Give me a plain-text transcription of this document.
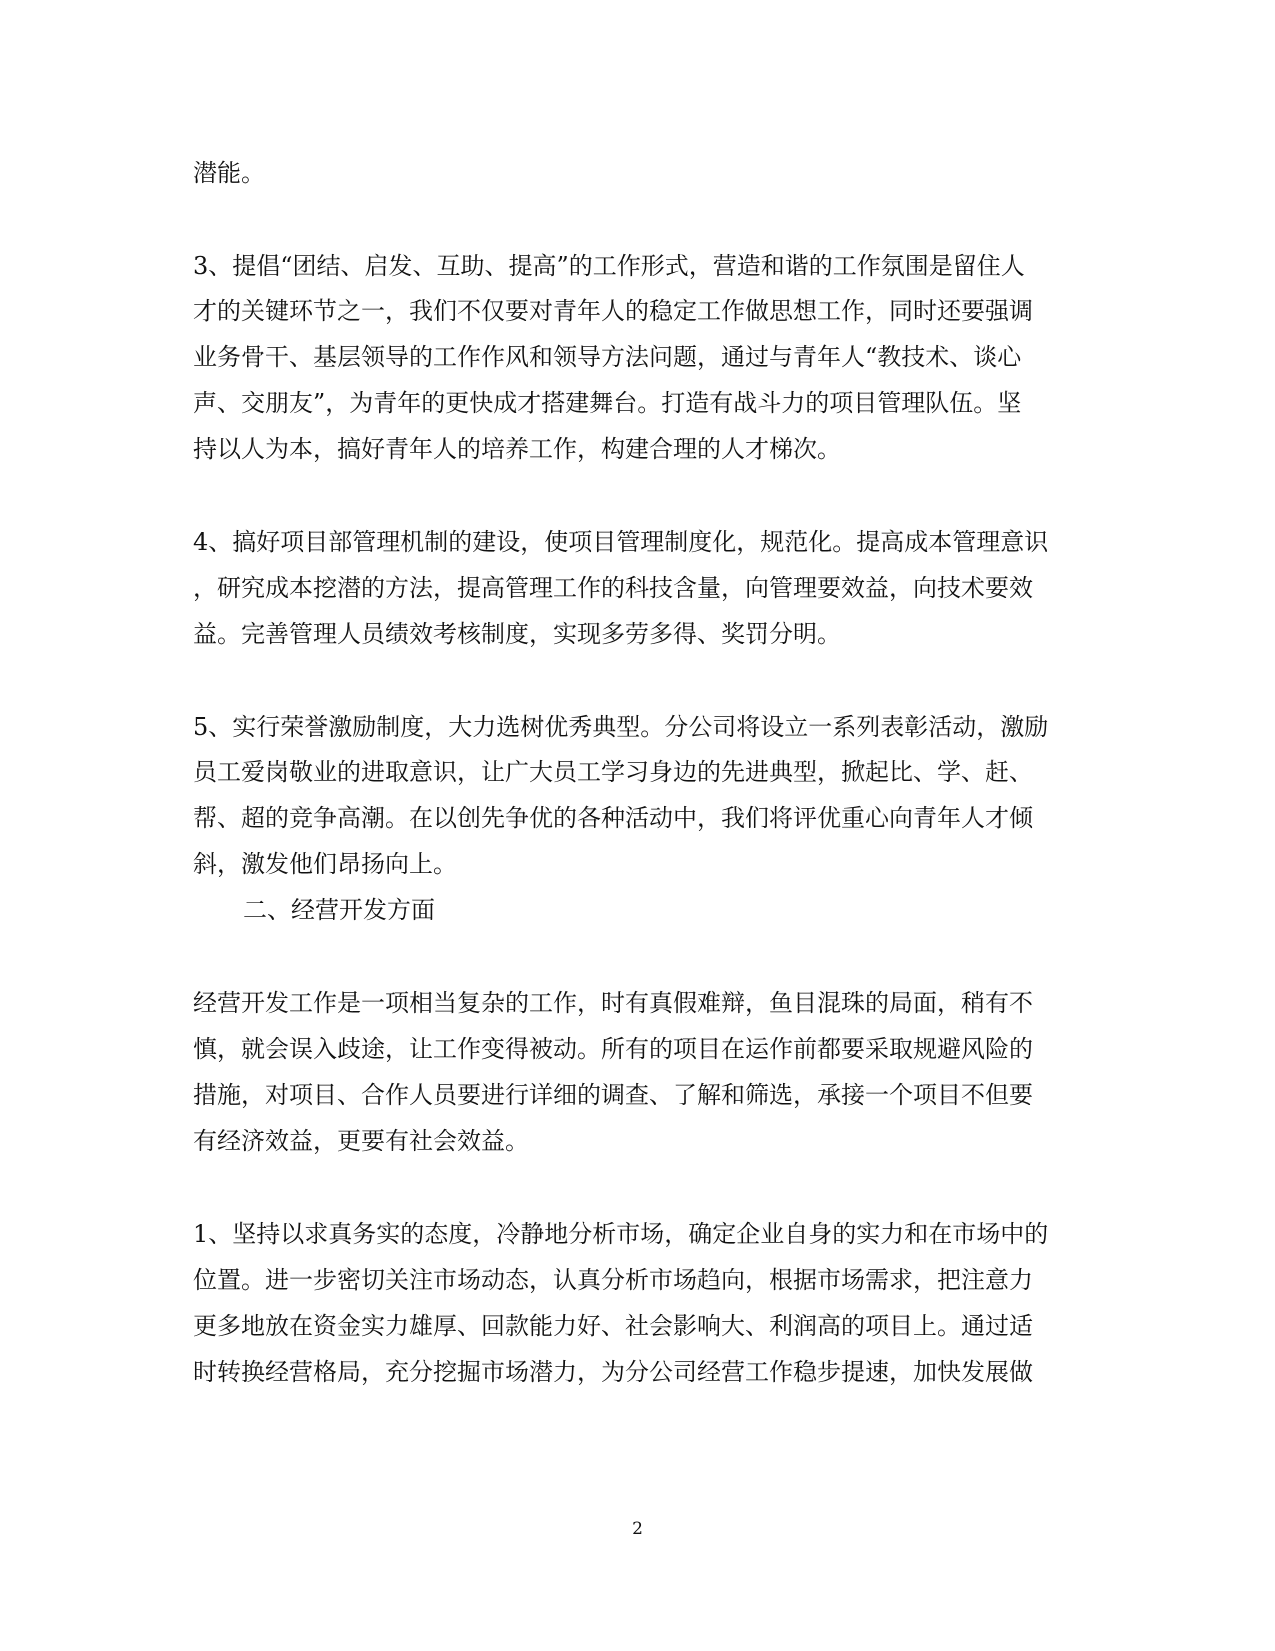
潜能。
3、提倡“团结、启发、互助、提高”的工作形式，营造和谐的工作氛围是留住人
才的关键环节之一，我们不仅要对青年人的稳定工作做思想工作，同时还要强调
业务骨干、基层领导的工作作风和领导方法问题，通过与青年人“教技术、谈心
声、交朋友”，为青年的更快成才搭建舞台。打造有战斗力的项目管理队伍。坚
持以人为本，搞好青年人的培养工作，构建合理的人才梯次。
4、搞好项目部管理机制的建设，使项目管理制度化，规范化。提高成本管理意识
，研究成本挖潜的方法，提高管理工作的科技含量，向管理要效益，向技术要效
益。完善管理人员绩效考核制度，实现多劳多得、奖罚分明。
5、实行荣誉激励制度，大力选树优秀典型。分公司将设立一系列表彰活动，激励
员工爱岗敬业的进取意识，让广大员工学习身边的先进典型，掀起比、学、赶、
帮、超的竞争高潮。在以创先争优的各种活动中，我们将评优重心向青年人才倾
斜，激发他们昂扬向上。
二、经营开发方面
经营开发工作是一项相当复杂的工作，时有真假难辩，鱼目混珠的局面，稍有不
慎，就会误入歧途，让工作变得被动。所有的项目在运作前都要采取规避风险的
措施，对项目、合作人员要进行详细的调查、了解和筛选，承接一个项目不但要
有经济效益，更要有社会效益。
1、坚持以求真务实的态度，冷静地分析市场，确定企业自身的实力和在市场中的
位置。进一步密切关注市场动态，认真分析市场趋向，根据市场需求，把注意力
更多地放在资金实力雄厚、回款能力好、社会影响大、利润高的项目上。通过适
时转换经营格局，充分挖掘市场潜力，为分公司经营工作稳步提速，加快发展做
2
